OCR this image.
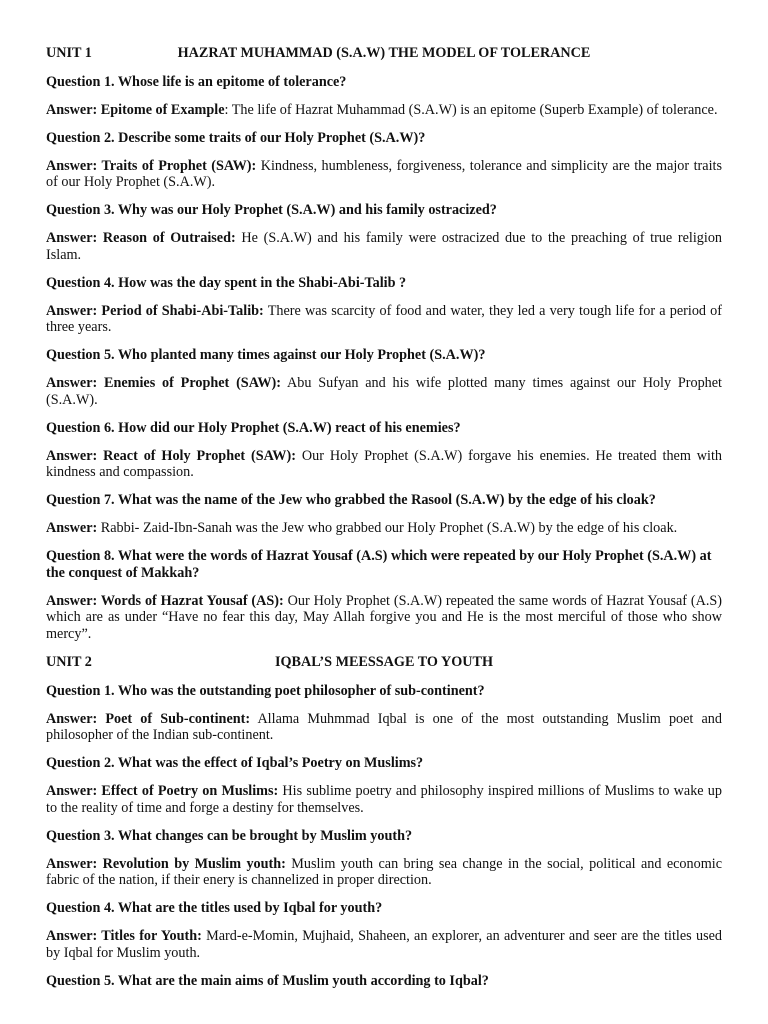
UNIT 1	HAZRAT MUHAMMAD (S.A.W) THE MODEL OF TOLERANCE
Question 1. Whose life is an epitome of tolerance?
Answer: Epitome of Example: The life of Hazrat Muhammad (S.A.W) is an epitome (Superb Example) of tolerance.
Question 2. Describe some traits of our Holy Prophet (S.A.W)?
Answer: Traits of Prophet (SAW): Kindness, humbleness, forgiveness, tolerance and simplicity are the major traits of our Holy Prophet (S.A.W).
Question 3. Why was our Holy Prophet (S.A.W) and his family ostracized?
Answer: Reason of Outraised: He (S.A.W) and his family were ostracized due to the preaching of true religion Islam.
Question 4. How was the day spent in the Shabi-Abi-Talib ?
Answer: Period of Shabi-Abi-Talib: There was scarcity of food and water, they led a very tough life for a period of three years.
Question 5. Who planted many times against our Holy Prophet (S.A.W)?
Answer: Enemies of Prophet (SAW): Abu Sufyan and his wife plotted many times against our Holy Prophet (S.A.W).
Question 6. How did our Holy Prophet (S.A.W) react of his enemies?
Answer: React of Holy Prophet (SAW): Our Holy Prophet (S.A.W) forgave his enemies. He treated them with kindness and compassion.
Question 7. What was the name of the Jew who grabbed the Rasool (S.A.W) by the edge of his cloak?
Answer: Rabbi- Zaid-Ibn-Sanah was the Jew who grabbed our Holy Prophet (S.A.W) by the edge of his cloak.
Question 8. What were the words of Hazrat Yousaf (A.S) which were repeated by our Holy Prophet (S.A.W) at the conquest of Makkah?
Answer: Words of Hazrat Yousaf (AS): Our Holy Prophet (S.A.W) repeated the same words of Hazrat Yousaf (A.S) which are as under “Have no fear this day, May Allah forgive you and He is the most merciful of those who show mercy”.
UNIT 2	IQBAL’S MEESSAGE TO YOUTH
Question 1. Who was the outstanding poet philosopher of sub-continent?
Answer: Poet of Sub-continent: Allama Muhmmad Iqbal is one of the most outstanding Muslim poet and philosopher of the Indian sub-continent.
Question 2. What was the effect of Iqbal’s Poetry on Muslims?
Answer: Effect of Poetry on Muslims: His sublime poetry and philosophy inspired millions of Muslims to wake up to the reality of time and forge a destiny for themselves.
Question 3. What changes can be brought by Muslim youth?
Answer: Revolution by Muslim youth: Muslim youth can bring sea change in the social, political and economic fabric of the nation, if their enery is channelized in proper direction.
Question 4. What are the titles used by Iqbal for youth?
Answer: Titles for Youth: Mard-e-Momin, Mujhaid, Shaheen, an explorer, an adventurer and seer are the titles used by Iqbal for Muslim youth.
Question 5. What are the main aims of Muslim youth according to Iqbal?
